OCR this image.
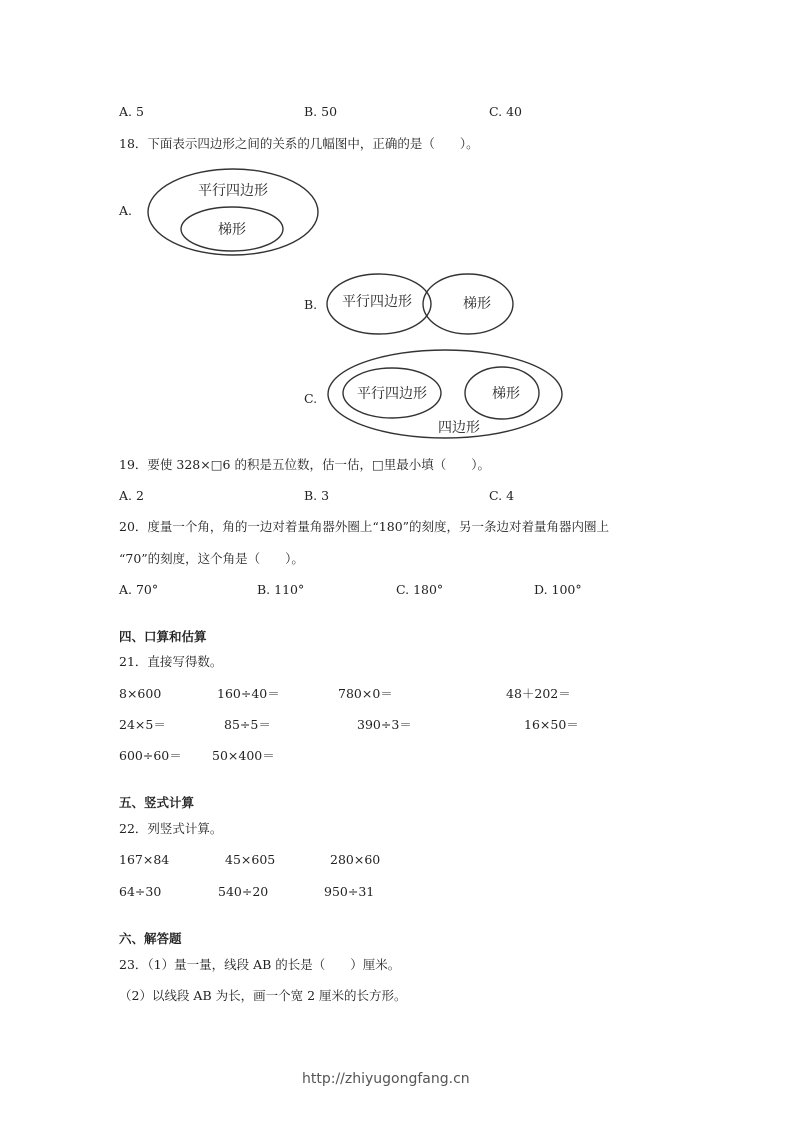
A. 5	B. 50	C. 40
18．下面表示四边形之间的关系的几幅图中，正确的是（　　）。
A.
平行四边形
梯形
B. 平行四边形	梯形
C.	平行四边形	梯形
四边形
19．要使 328×□6 的积是五位数，估一估，□里最小填（　　）。
A. 2	B. 3	C. 4
20．度量一个角，角的一边对着量角器外圈上“180”的刻度，另一条边对着量角器内圈上
“70”的刻度，这个角是（　　）。
A. 70°	B. 110°	C. 180°	D. 100°
四、口算和估算
21．直接写得数。
8×600	160÷40＝	780×0＝	48＋202＝
24×5＝	85÷5＝	390÷3＝	16×50＝
600÷60＝ 50×400＝
五、竖式计算
22．列竖式计算。
167×84	45×605	280×60
64÷30	540÷20	950÷31
六、解答题
23．（1）量一量，线段 AB 的长是（　　）厘米。
（2）以线段 AB 为长，画一个宽 2 厘米的长方形。
http://zhiyugongfang.cn
